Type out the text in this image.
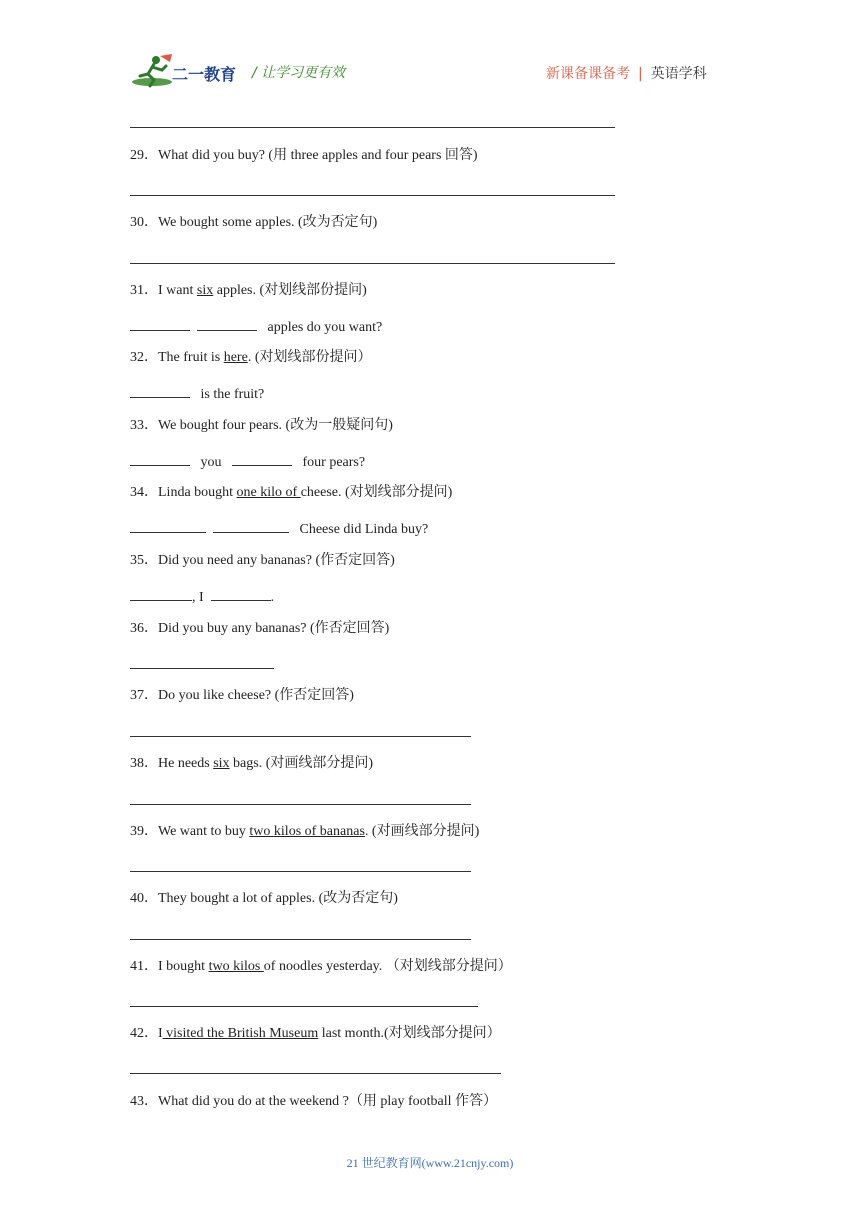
二一教育 / 让学习更有效	新课备课备考 | 英语学科
29．What did you buy? (用 three apples and four pears 回答)
30．We bought some apples. (改为否定句)
31．I want six apples. (对划线部份提问)
apples do you want?
32．The fruit is here. (对划线部份提问）
is the fruit?
33．We bought four pears. (改为一般疑问句)
you	four pears?
34．Linda bought one kilo of cheese. (对划线部分提问)
Cheese did Linda buy?
35．Did you need any bananas? (作否定回答)
, I	.
36．Did you buy any bananas? (作否定回答)
37．Do you like cheese? (作否定回答)
38．He needs six bags. (对画线部分提问)
39．We want to buy two kilos of bananas. (对画线部分提问)
40．They bought a lot of apples. (改为否定句)
41．I bought two kilos of noodles yesterday. （对划线部分提问）
42．I visited the British Museum last month.(对划线部分提问）
43．What did you do at the weekend ?（用 play football 作答）
21 世纪教育网(www.21cnjy.com)
